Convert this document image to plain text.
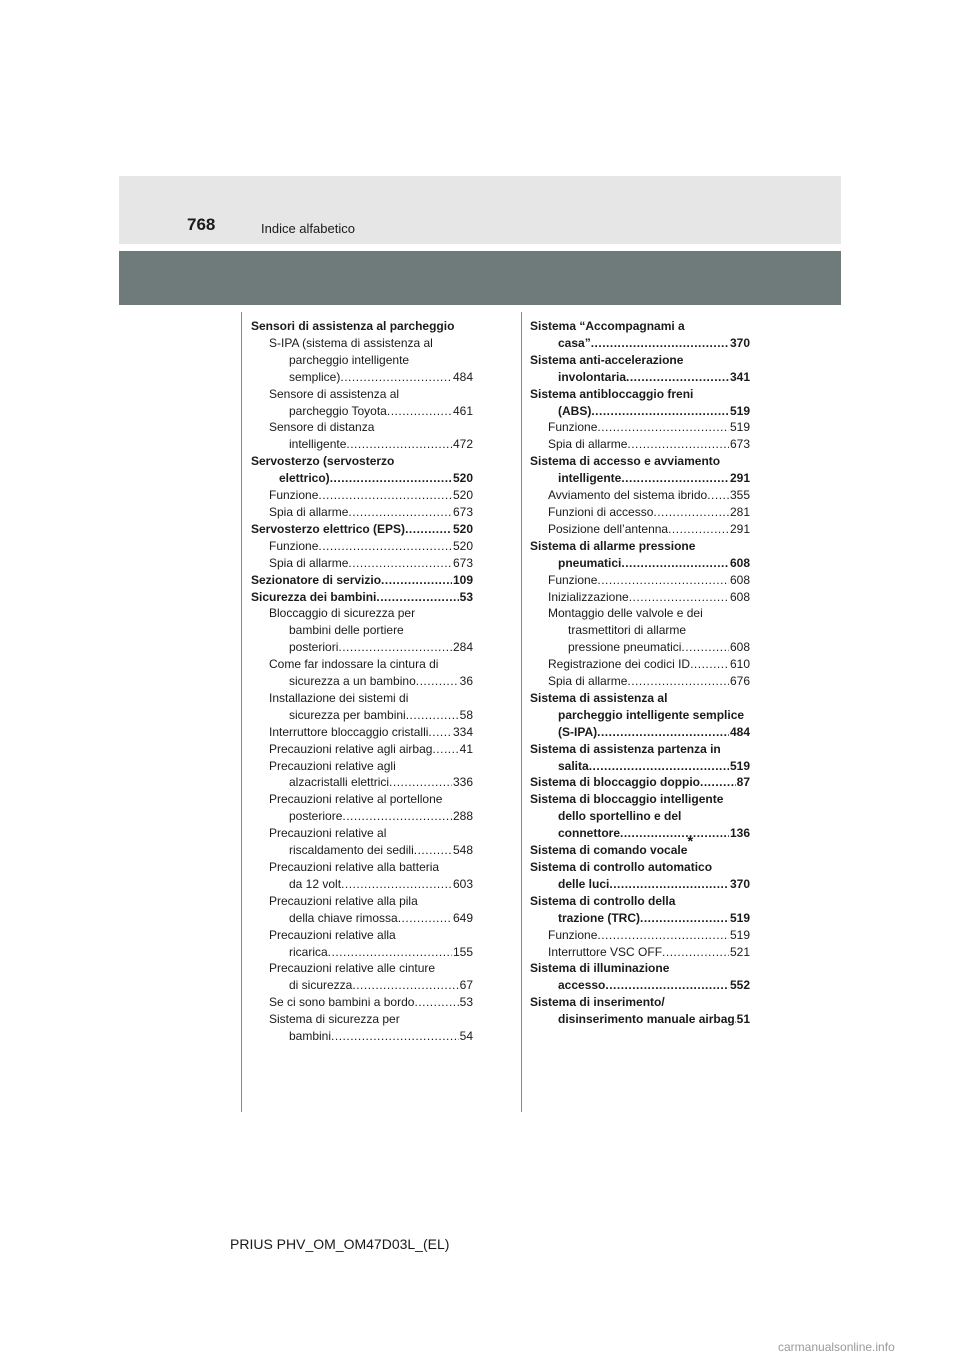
768	Indice alfabetico
Sensori di assistenza al parcheggio
S-IPA (sistema di assistenza al
parcheggio intelligente
semplice) .....	484
Sensore di assistenza al
parcheggio Toyota .....	461
Sensore di distanza
intelligente .....	472
Servosterzo (servosterzo
elettrico) .....	520
Funzione .....	520
Spia di allarme .....	673
Servosterzo elettrico (EPS) .....	520
Funzione .....	520
Spia di allarme .....	673
Sezionatore di servizio .....	109
Sicurezza dei bambini .....	53
Bloccaggio di sicurezza per
bambini delle portiere
posteriori .....	284
Come far indossare la cintura di
sicurezza a un bambino .....	36
Installazione dei sistemi di
sicurezza per bambini .....	58
Interruttore bloccaggio cristalli ..... 334
Precauzioni relative agli airbag ..... 41
Precauzioni relative agli
alzacristalli elettrici .....	336
Precauzioni relative al portellone
posteriore .....	288
Precauzioni relative al
riscaldamento dei sedili .....	548
Precauzioni relative alla batteria
da 12 volt .....	603
Precauzioni relative alla pila
della chiave rimossa .....	649
Precauzioni relative alla
ricarica .....	155
Precauzioni relative alle cinture
di sicurezza .....	67
Se ci sono bambini a bordo .....	53
Sistema di sicurezza per
bambini .....	54
Sistema “Accompagnami a
casa” .....	370
Sistema anti-accelerazione
involontaria .....	341
Sistema antibloccaggio freni
(ABS) .....	519
Funzione .....	519
Spia di allarme .....	673
Sistema di accesso e avviamento
intelligente .....	291
Avviamento del sistema ibrido ..... 355
Funzioni di accesso .....	281
Posizione dell’antenna .....	291
Sistema di allarme pressione
pneumatici .....	608
Funzione .....	608
Inizializzazione .....	608
Montaggio delle valvole e dei
trasmettitori di allarme
pressione pneumatici .....	608
Registrazione dei codici ID .....	610
Spia di allarme .....	676
Sistema di assistenza al
parcheggio intelligente semplice
(S-IPA) .....	484
Sistema di assistenza partenza in
salita .....	519
Sistema di bloccaggio doppio .....	87
Sistema di bloccaggio intelligente
dello sportellino e del
connettore .....	136
Sistema di comando vocale *
Sistema di controllo automatico
delle luci .....	370
Sistema di controllo della
trazione (TRC) .....	519
Funzione .....	519
Interruttore VSC OFF .....	521
Sistema di illuminazione
accesso .....	552
Sistema di inserimento/
disinserimento manuale airbag ..... 51
PRIUS PHV_OM_OM47D03L_(EL)
carmanualsonline.info
